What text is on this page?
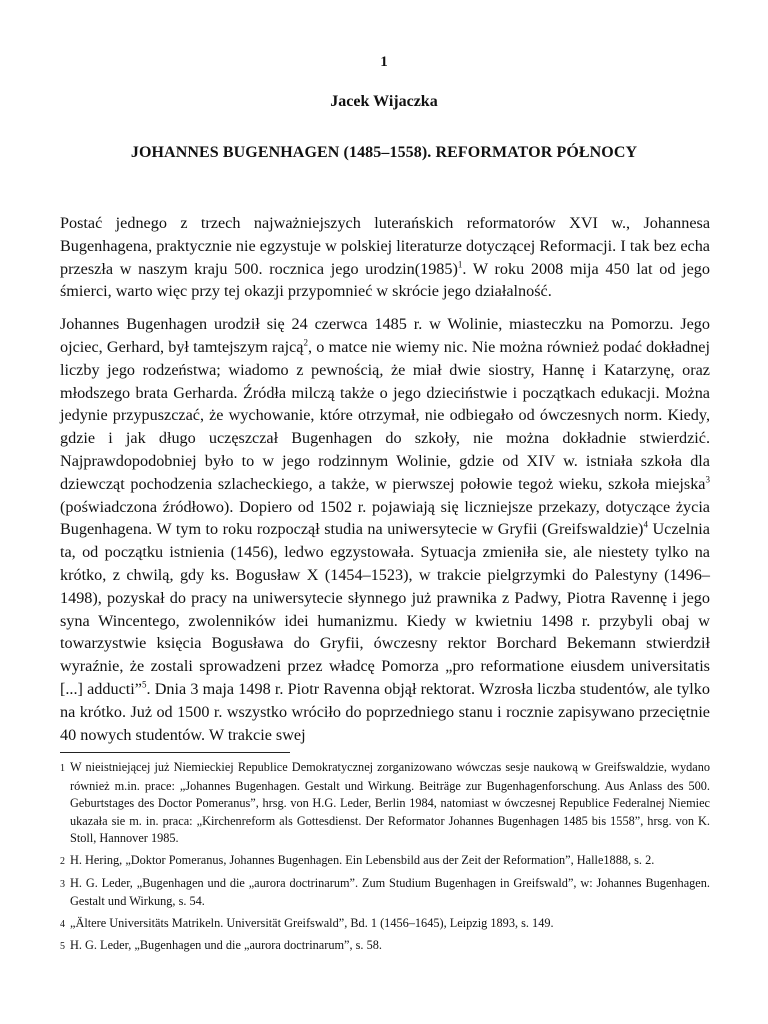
1
Jacek Wijaczka
JOHANNES BUGENHAGEN (1485–1558). REFORMATOR PÓŁNOCY

Postać jednego z trzech najważniejszych luterańskich reformatorów XVI w., Johannesa Bugenhagena, praktycznie nie egzystuje w polskiej literaturze dotyczącej Reformacji. I tak bez echa przeszła w naszym kraju 500. rocznica jego $urodzin(1985)^1$. W roku 2008 mija 450 lat od jego śmierci, warto więc przy tej okazji przypomnieć w skrócie jego działalność.

Johannes Bugenhagen urodził się 24 czerwca 1485 r. w Wolinie, miasteczku na Pomorzu. Jego ojciec, Gerhard, był tamtejszym rajcą$^2$, o matce nie wiemy nic. Nie można również podać dokładnej liczby jego rodzeństwa; wiadomo z pewnością, że miał dwie siostry, Hannę i Katarzynę, oraz młodszego brata Gerharda. Źródła milczą także o jego dzieciństwie i początkach edukacji. Można jedynie przypuszczać, że wychowanie, które otrzymał, nie odbiegało od ówczesnych norm. Kiedy, gdzie i jak długo uczęszczał Bugenhagen do szkoły, nie można dokładnie stwierdzić. Najprawdopodobniej było to w jego rodzinnym Wolinie, gdzie od XIV w. istniała szkoła dla dziewcząt pochodzenia szlacheckiego, a także, w pierwszej połowie tegoż wieku, szkoła miejska$^3$ (poświadczona źródłowo). Dopiero od 1502 r. pojawiają się liczniejsze przekazy, dotyczące życia Bugenhagena. W tym to roku rozpoczął studia na uniwersytecie w Gryfii (Greifswaldzie)$^4$ Uczelnia ta, od początku istnienia (1456), ledwo egzystowała. Sytuacja zmieniła sie, ale niestety tylko na krótko, z chwilą, gdy ks. Bogusław X (1454–1523), w trakcie pielgrzymki do Palestyny (1496–1498), pozyskał do pracy na uniwersytecie słynnego już prawnika z Padwy, Piotra Ravennę i jego syna Wincentego, zwolenników idei humanizmu. Kiedy w kwietniu 1498 r. przybyli obaj w towarzystwie księcia Bogusława do Gryfii, ówczesny rektor Borchard Bekemann stwierdził wyraźnie, że zostali sprowadzeni przez władcę Pomorza „pro reformatione eiusdem universitatis [...] adducti”$^5$. Dnia 3 maja 1498 r. Piotr Ravenna objął rektorat. Wzrosła liczba studentów, ale tylko na krótko. Już od 1500 r. wszystko wróciło do poprzedniego stanu i rocznie zapisywano przeciętnie 40 nowych studentów. W trakcie swej

1 W nieistniejącej już Niemieckiej Republice Demokratycznej zorganizowano wówczas sesje naukową w Greifswaldzie, wydano również m.in. prace: „Johannes Bugenhagen. Gestalt und Wirkung. Beiträge zur Bugenhagenforschung. Aus Anlass des 500. Geburtstages des Doctor Pomeranus”, hrsg. von H.G. Leder, Berlin 1984, natomiast w ówczesnej Republice Federalnej Niemiec ukazała sie m. in. praca: „Kirchenreform als Gottesdienst. Der Reformator Johannes Bugenhagen 1485 bis 1558”, hrsg. von K. Stoll, Hannover 1985.

2 H. Hering, „Doktor Pomeranus, Johannes Bugenhagen. Ein Lebensbild aus der Zeit der Reformation”, Halle1888, s. 2.

3 H. G. Leder, „Bugenhagen und die „aurora doctrinarum”. Zum Studium Bugenhagen in Greifswald”, w: Johannes Bugenhagen. Gestalt und Wirkung, s. 54.

4 „Ältere Universitäts Matrikeln. Universität Greifswald”, Bd. 1 (1456–1645), Leipzig 1893, s. 149.

5 H. G. Leder, „Bugenhagen und die „aurora doctrinarum”, s. 58.
